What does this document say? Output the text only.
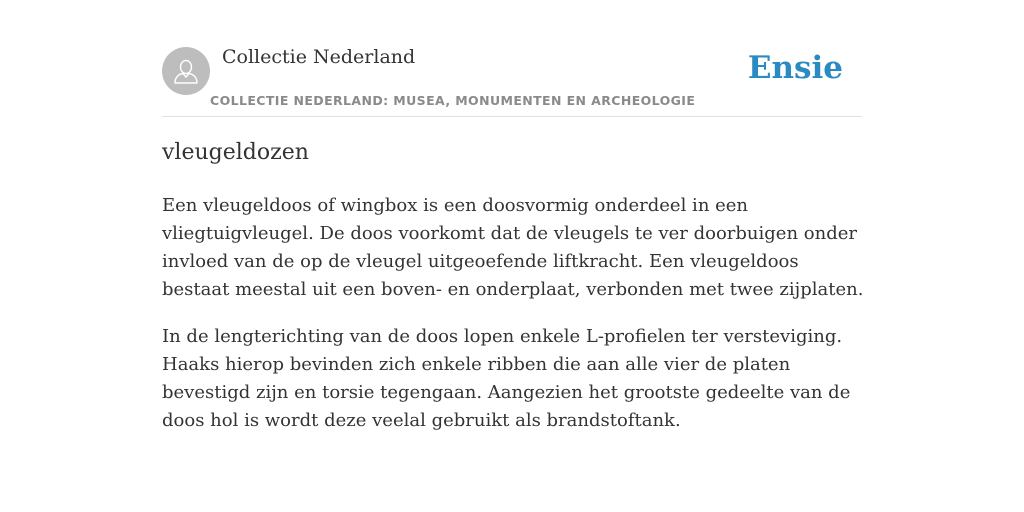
Collectie Nederland
COLLECTIE NEDERLAND: MUSEA, MONUMENTEN EN ARCHEOLOGIE
Ensie
vleugeldozen

Een vleugeldoos of wingbox is een doosvormig onderdeel in een vliegtuigvleugel. De doos voorkomt dat de vleugels te ver doorbuigen onder invloed van de op de vleugel uitgeoefende liftkracht. Een vleugeldoos bestaat meestal uit een boven- en onderplaat, verbonden met twee zijplaten.

In de lengterichting van de doos lopen enkele L-profielen ter versteviging. Haaks hierop bevinden zich enkele ribben die aan alle vier de platen bevestigd zijn en torsie tegengaan. Aangezien het grootste gedeelte van de doos hol is wordt deze veelal gebruikt als brandstoftank.
